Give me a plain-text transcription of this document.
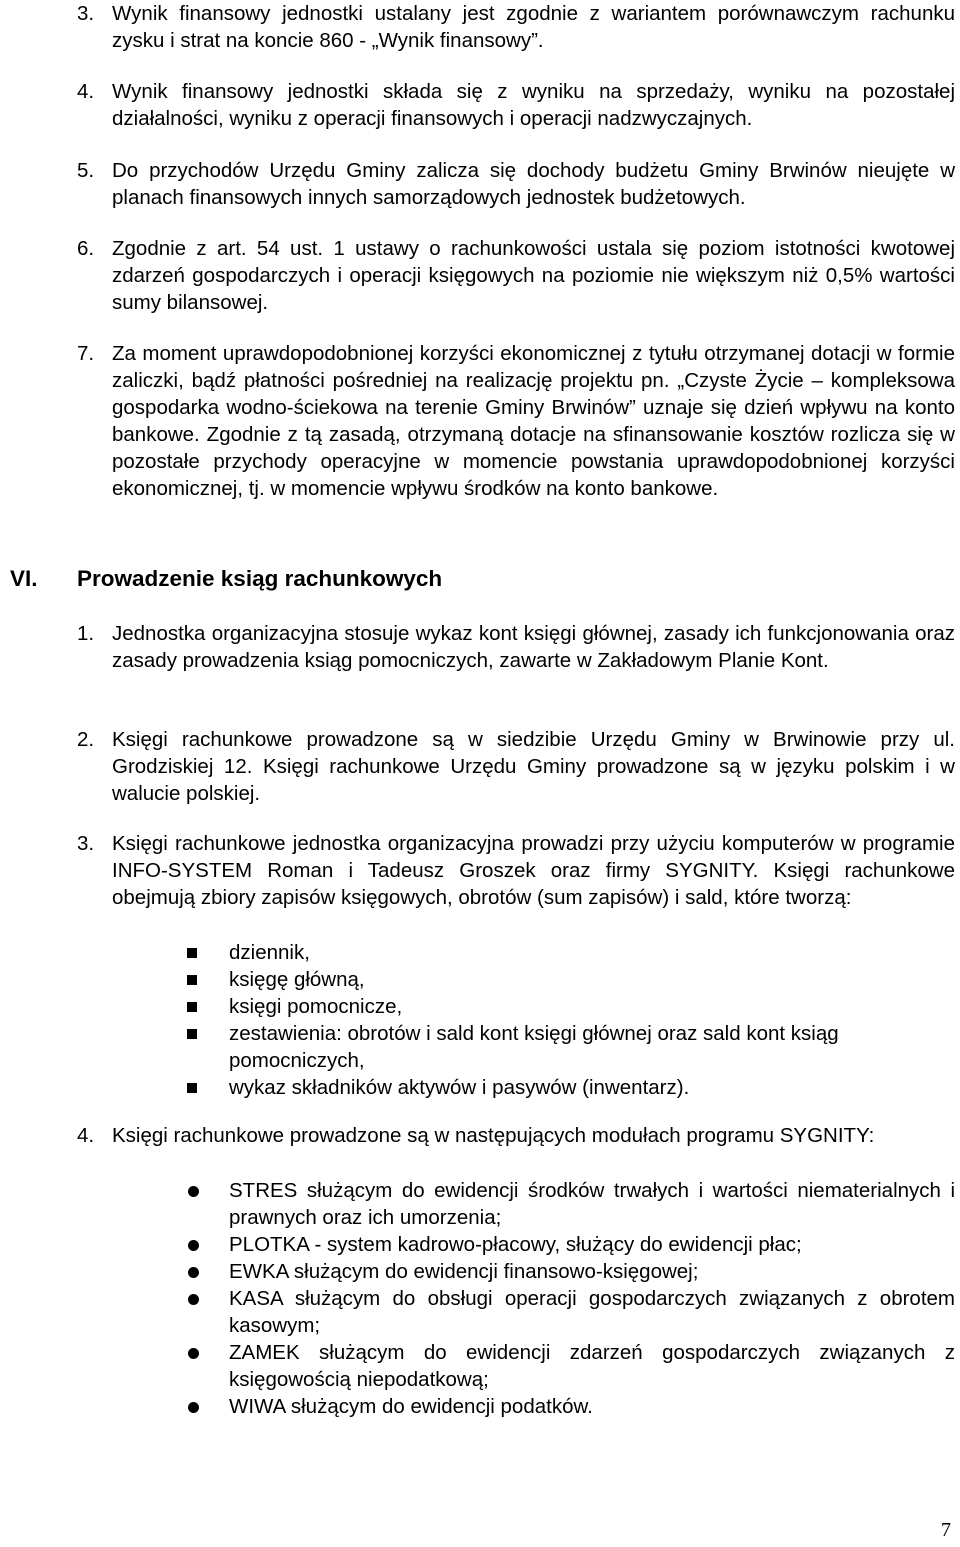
3. Wynik finansowy jednostki ustalany jest zgodnie z wariantem porównawczym rachunku zysku i strat na koncie 860 - „Wynik finansowy”.
4. Wynik finansowy jednostki składa się z wyniku na sprzedaży, wyniku na pozostałej działalności, wyniku z operacji finansowych i operacji nadzwyczajnych.
5. Do przychodów Urzędu Gminy zalicza się dochody budżetu Gminy Brwinów nieujęte w planach finansowych innych samorządowych jednostek budżetowych.
6. Zgodnie z art. 54 ust. 1 ustawy o rachunkowości ustala się poziom istotności kwotowej zdarzeń gospodarczych i operacji księgowych na poziomie nie większym niż 0,5% wartości sumy bilansowej.
7. Za moment uprawdopodobnionej korzyści ekonomicznej z tytułu otrzymanej dotacji w formie zaliczki, bądź płatności pośredniej na realizację projektu pn. „Czyste Życie – kompleksowa gospodarka wodno-ściekowa na terenie Gminy Brwinów” uznaje się dzień wpływu na konto bankowe. Zgodnie z tą zasadą, otrzymaną dotacje na sfinansowanie kosztów rozlicza się w pozostałe przychody operacyjne w momencie powstania uprawdopodobnionej korzyści ekonomicznej, tj. w momencie wpływu środków na konto bankowe.
VI. Prowadzenie ksiąg rachunkowych
1. Jednostka organizacyjna stosuje wykaz kont księgi głównej, zasady ich funkcjonowania oraz zasady prowadzenia ksiąg pomocniczych, zawarte w Zakładowym Planie Kont.
2. Księgi rachunkowe prowadzone są w siedzibie Urzędu Gminy w Brwinowie przy ul. Grodziskiej 12. Księgi rachunkowe Urzędu Gminy prowadzone są w języku polskim i w walucie polskiej.
3. Księgi rachunkowe jednostka organizacyjna prowadzi przy użyciu komputerów w programie INFO-SYSTEM Roman i Tadeusz Groszek oraz firmy SYGNITY. Księgi rachunkowe obejmują zbiory zapisów księgowych, obrotów (sum zapisów) i sald, które tworzą:
dziennik,
księgę główną,
księgi pomocnicze,
zestawienia: obrotów i sald kont księgi głównej oraz sald kont ksiąg pomocniczych,
wykaz składników aktywów i pasywów (inwentarz).
4. Księgi rachunkowe prowadzone są w następujących modułach programu SYGNITY:
STRES służącym do ewidencji środków trwałych i wartości niematerialnych i prawnych oraz ich umorzenia;
PLOTKA - system kadrowo-płacowy, służący do ewidencji płac;
EWKA służącym do ewidencji finansowo-księgowej;
KASA służącym do obsługi operacji gospodarczych związanych z obrotem kasowym;
ZAMEK służącym do ewidencji zdarzeń gospodarczych związanych z księgowością niepodatkową;
WIWA służącym do ewidencji podatków.
7
